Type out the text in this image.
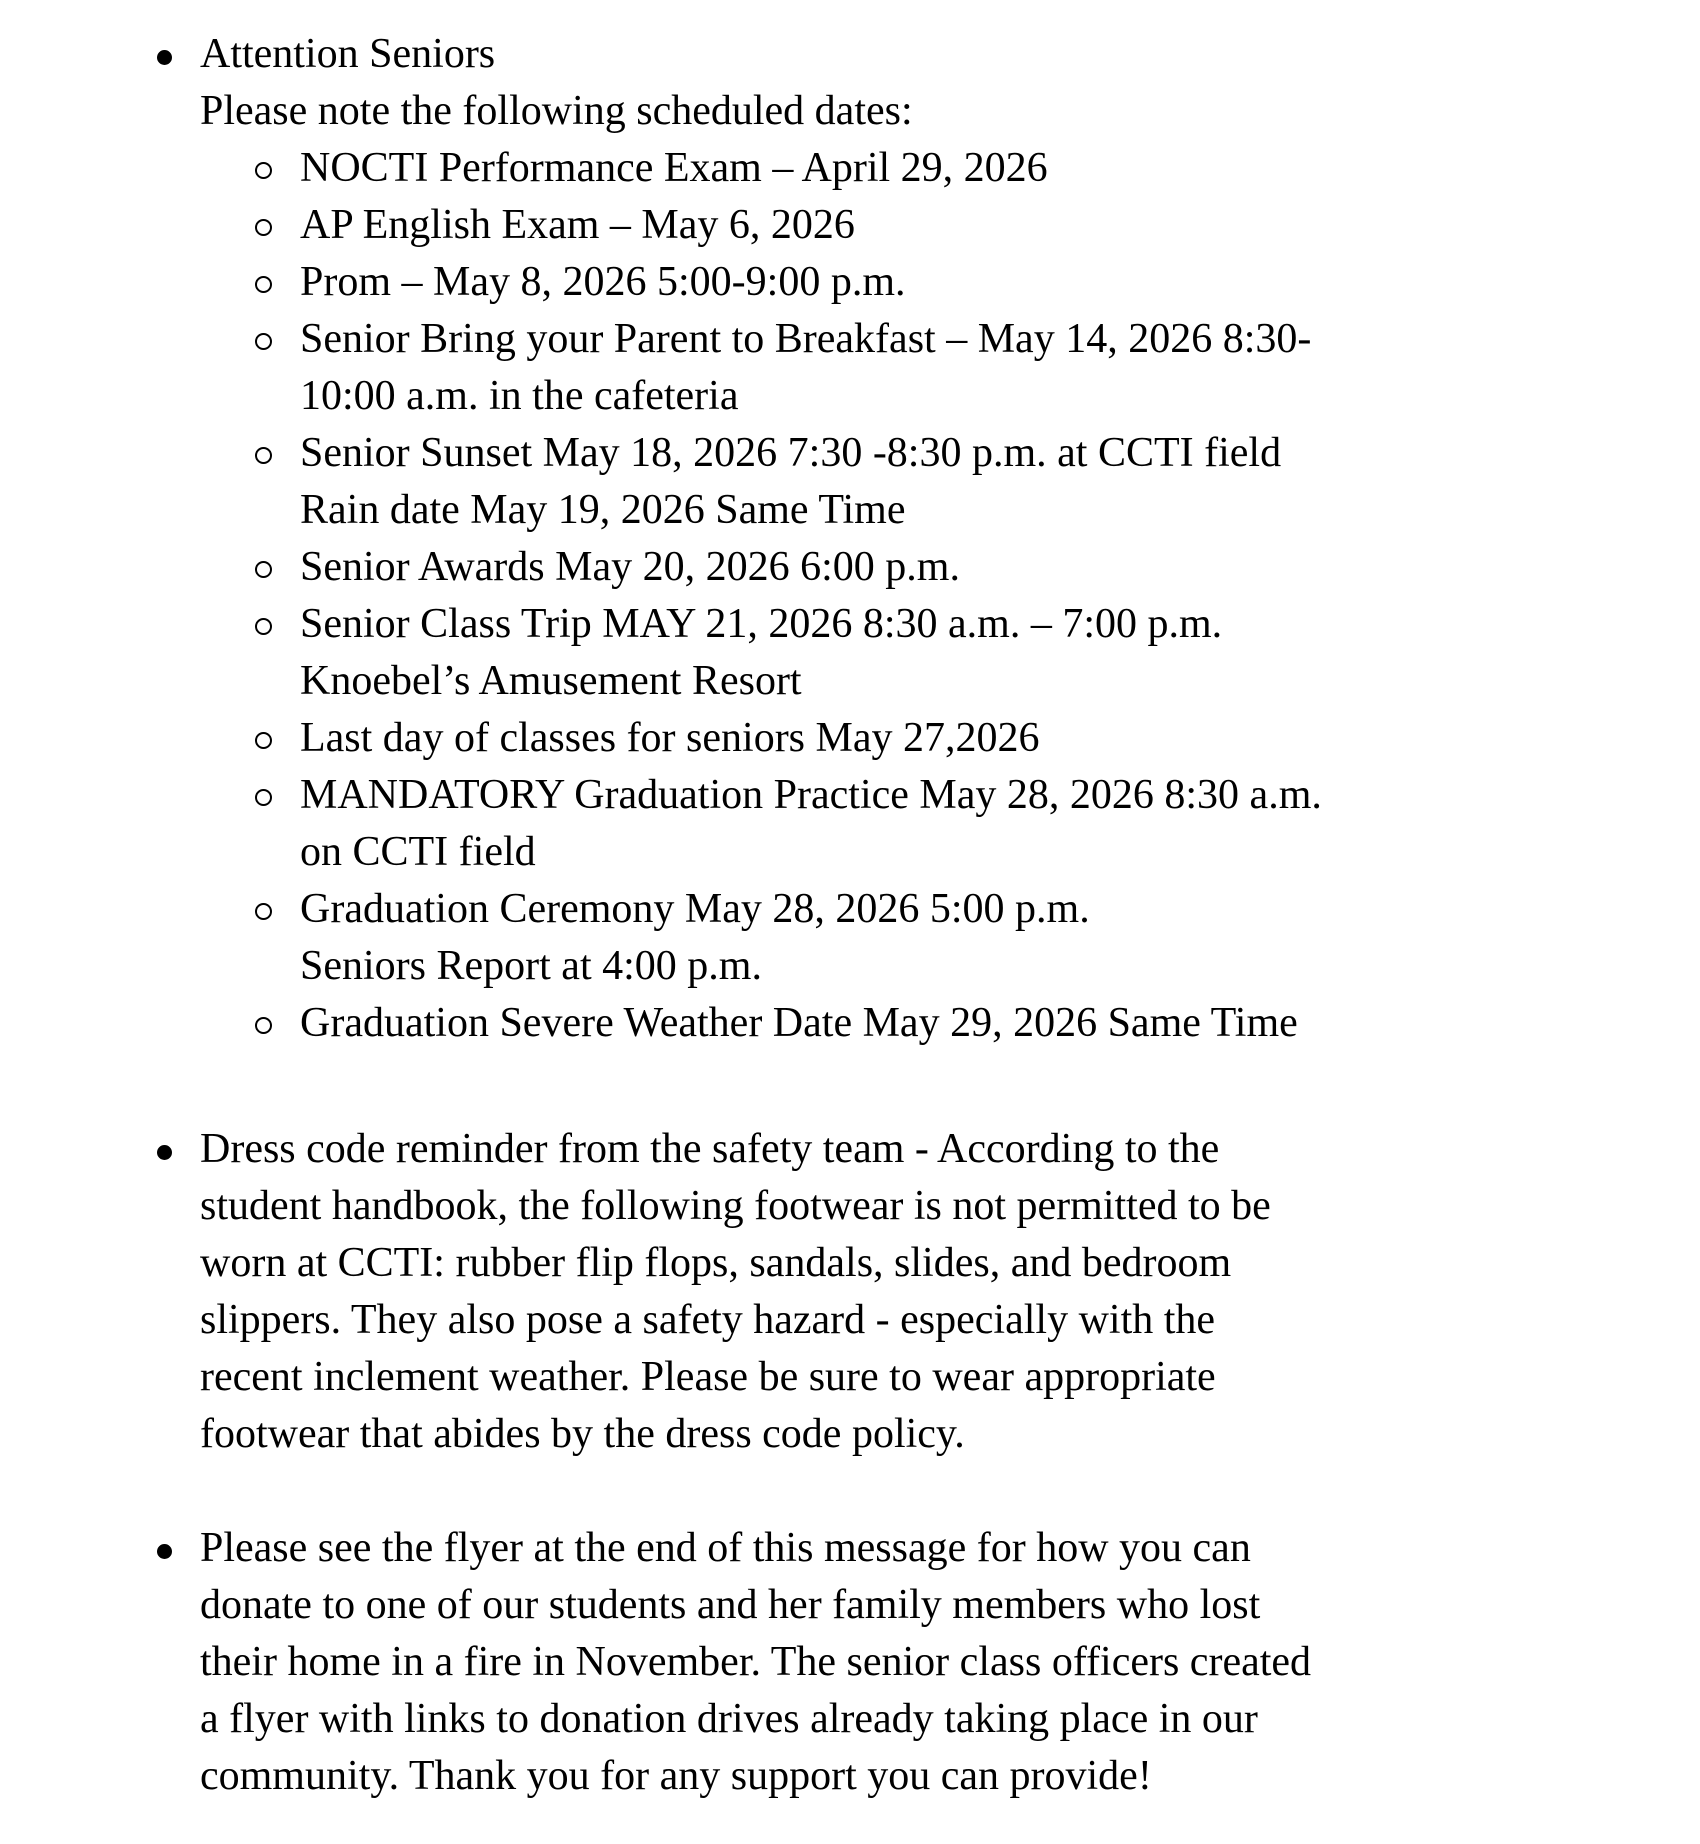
Attention Seniors
Please note the following scheduled dates:
NOCTI Performance Exam – April 29, 2026
AP English Exam – May 6, 2026
Prom – May 8, 2026 5:00-9:00 p.m.
Senior Bring your Parent to Breakfast – May 14, 2026 8:30-
10:00 a.m. in the cafeteria
Senior Sunset May 18, 2026 7:30 -8:30 p.m. at CCTI field
Rain date May 19, 2026 Same Time
Senior Awards May 20, 2026 6:00 p.m.
Senior Class Trip MAY 21, 2026 8:30 a.m. – 7:00 p.m.
Knoebel’s Amusement Resort
Last day of classes for seniors May 27,2026
MANDATORY Graduation Practice May 28, 2026 8:30 a.m.
on CCTI field
Graduation Ceremony May 28, 2026 5:00 p.m.
Seniors Report at 4:00 p.m.
Graduation Severe Weather Date May 29, 2026 Same Time
Dress code reminder from the safety team - According to the
student handbook, the following footwear is not permitted to be
worn at CCTI: rubber flip flops, sandals, slides, and bedroom
slippers. They also pose a safety hazard - especially with the
recent inclement weather. Please be sure to wear appropriate
footwear that abides by the dress code policy.
Please see the flyer at the end of this message for how you can
donate to one of our students and her family members who lost
their home in a fire in November. The senior class officers created
a flyer with links to donation drives already taking place in our
community. Thank you for any support you can provide!
